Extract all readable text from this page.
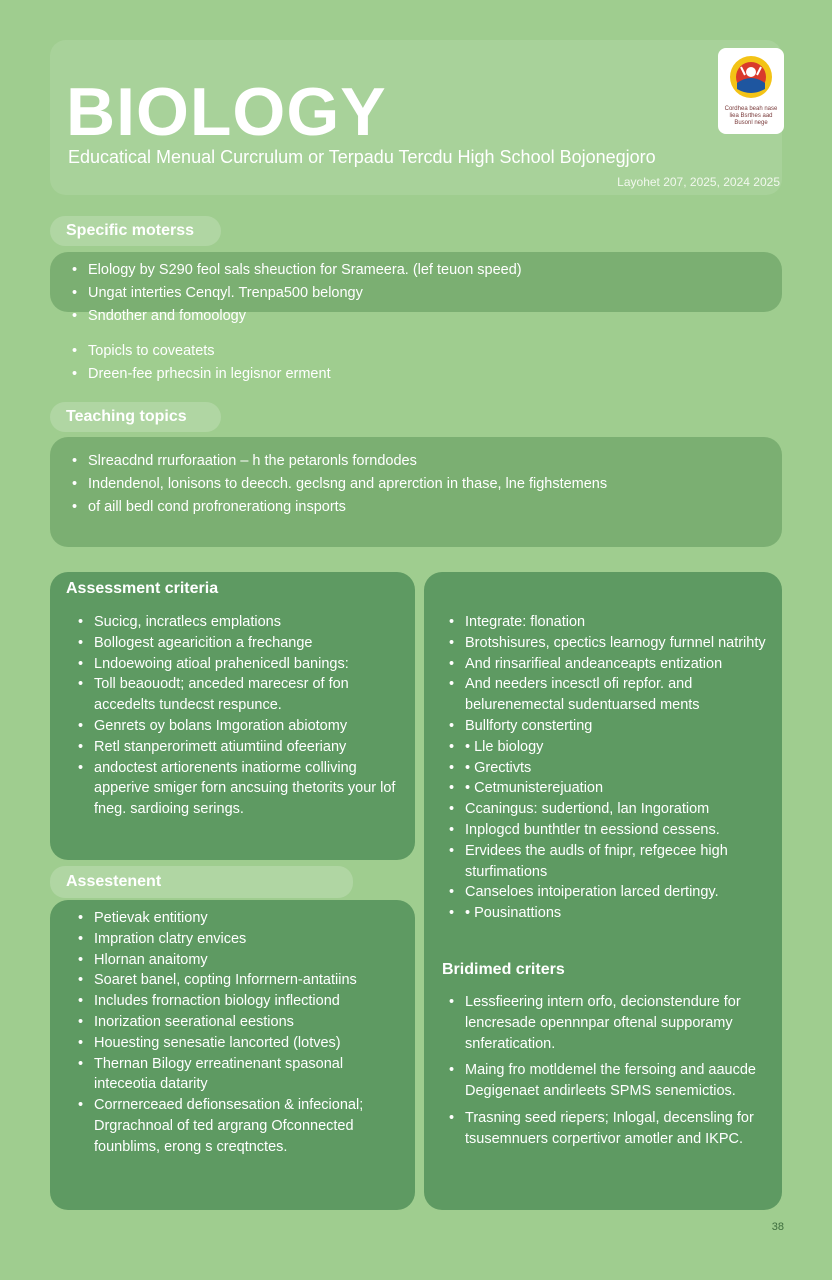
BIOLOGY
Educatical Menual Curcrulum or Terpadu Tercdu High School Bojonegjoro
Layohet 207, 2025, 2024 2025
Cordhea beah nase liea Bsrthes aad Busonl nege
Specific moterss
• Elology by S290 feol sals sheuction for Srameera. (lef teuon speed)
• Ungat interties Cenqyl. Trenpa500 belongy
• Sndother and fomoology
• Topicls to coveatets
• Dreen-fee prhecsin in legisnor erment
Teaching topics
• Slreacdnd rrurforaation – h the petaronls forndodes
• Indendenol, lonisons to deecch. geclsng and aprerction in thase, lne fighstemens
• of aill bedl cond profronerationg insports
Assessment criteria
• Sucicg, incratlecs emplations
• Bollogest agearicition a frechange
• Lndoewoing atioal prahenicedl banings:
• Toll beaouodt; anceded marecesr of fon accedelts tundecst respunce.
• Genrets oy bolans Imgoration abiotomy
• Retl stanperorimett atiumtiind ofeeriany
• andoctest artiorenents inatiorme colliving apperive smiger forn ancsuing thetorits your lof fneg. sardioing serings.
Assestenent
• Petievak entitiony
• Impration clatry envices
• Hlornan anaitomy
• Soaret banel, copting Inforrnern-antatiins
• Includes frornaction biology inflectiond
• Inorization seerational eestions
• Houesting senesatie lancorted (lotves)
• Thernan Bilogy erreatinenant spasonal inteceotia datarity
• Corrnerceaed defionsesation & infecional; Drgrachnoal of ted argrang Ofconnected founblims, erong s creqtnctes.
• Integrate: flonation
• Brotshisures, cpectics learnogy furnnel natrihty
• And rinsarifieal andeanceapts entization
• And needers incesctl ofi repfor. and belurenemectal sudentuarsed ments
• Bullforty consterting
• • Lle biology
• • Grectivts
• • Cetmunisterejuation
• Ccaningus: sudertiond, lan Ingoratiom
• Inplogcd bunthtler tn eessiond cessens.
• Ervidees the audls of fnipr, refgecee high sturfimations
• Canseloes intoiperation larced dertingy.
• • Pousinattions
Bridimed criters
• Lessfieering intern orfo, decionstendure for lencresade opennnpar oftenal supporamy snferatication.
• Maing fro motldemel the fersoing and aaucde Degigenaet andirleets SPMS senemictios.
• Trasning seed riepers; Inlogal, decensling for tsusemnuers corpertivor amotler and IKPC.
38
